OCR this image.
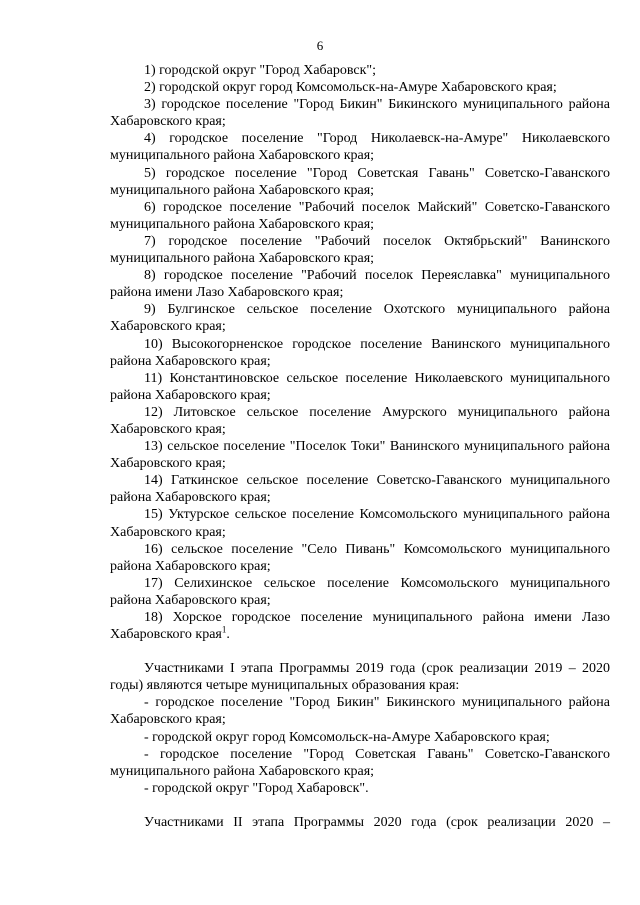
6

1) городской округ "Город Хабаровск";

2) городской округ город Комсомольск-на-Амуре Хабаровского края;

3) городское поселение "Город Бикин" Бикинского муниципального района Хабаровского края;

4) городское поселение "Город Николаевск-на-Амуре" Николаевского муниципального района Хабаровского края;

5) городское поселение "Город Советская Гавань" Советско-Гаванского муниципального района Хабаровского края;

6) городское поселение "Рабочий поселок Майский" Советско-Гаванского муниципального района Хабаровского края;

7) городское поселение "Рабочий поселок Октябрьский" Ванинского муниципального района Хабаровского края;

8) городское поселение "Рабочий поселок Переяславка" муниципального района имени Лазо Хабаровского края;

9) Булгинское сельское поселение Охотского муниципального района Хабаровского края;

10) Высокогорненское городское поселение Ванинского муниципального района Хабаровского края;

11) Константиновское сельское поселение Николаевского муниципального района Хабаровского края;

12) Литовское сельское поселение Амурского муниципального района Хабаровского края;

13) сельское поселение "Поселок Токи" Ванинского муниципального района Хабаровского края;

14) Гаткинское сельское поселение Советско-Гаванского муниципального района Хабаровского края;

15) Уктурское сельское поселение Комсомольского муниципального района Хабаровского края;

16) сельское поселение "Село Пивань" Комсомольского муниципального района Хабаровского края;

17) Селихинское сельское поселение Комсомольского муниципального района Хабаровского края;

18) Хорское городское поселение муниципального района имени Лазо Хабаровского края$^1$.

Участниками I этапа Программы 2019 года (срок реализации 2019 – 2020 годы) являются четыре муниципальных образования края:

- городское поселение "Город Бикин" Бикинского муниципального района Хабаровского края;

- городской округ город Комсомольск-на-Амуре Хабаровского края;

- городское поселение "Город Советская Гавань" Советско-Гаванского муниципального района Хабаровского края;

- городской округ "Город Хабаровск".

Участниками II этапа Программы 2020 года (срок реализации 2020 –
